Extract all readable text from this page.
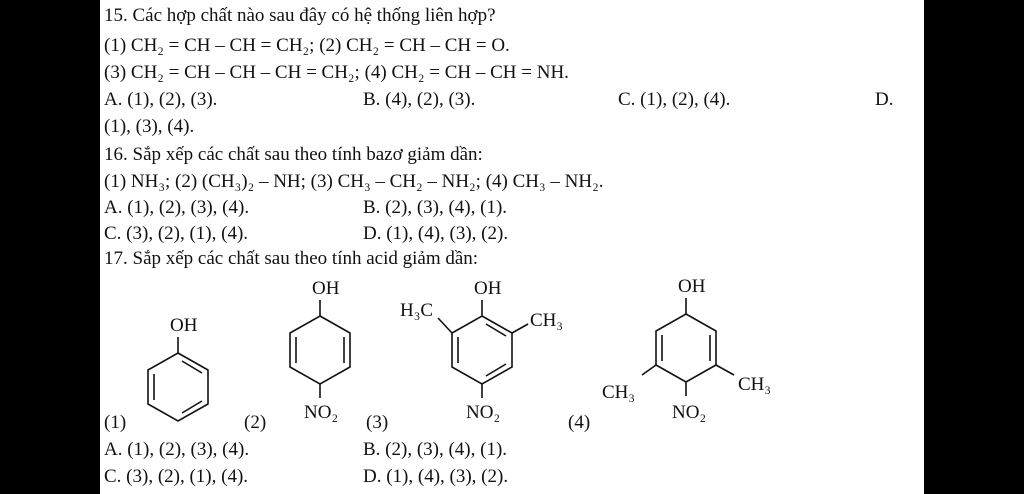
15. Các hợp chất nào sau đây có hệ thống liên hợp?
(1) CH₂ = CH – CH = CH₂; (2) CH₂ = CH – CH = O.
(3) CH₂ = CH – CH – CH = CH₂; (4) CH₂ = CH – CH = NH.
A. (1), (2), (3).	B. (4), (2), (3).	C. (1), (2), (4).	D.
(1), (3), (4).
16. Sắp xếp các chất sau theo tính bazơ giảm dần:
(1) NH₃; (2) (CH₃)₂ – NH; (3) CH₃ – CH₂ – NH₂; (4) CH₃ – NH₂.
A. (1), (2), (3), (4).	B. (2), (3), (4), (1).
C. (3), (2), (1), (4).	D. (1), (4), (3), (2).
17. Sắp xếp các chất sau theo tính acid giảm dần:
(1)	(2)	(3)	(4)
OH
OH
NO₂
OH
H₃C	CH₃
NO₂
OH
CH₃	CH₃
NO₂
A. (1), (2), (3), (4).	B. (2), (3), (4), (1).
C. (3), (2), (1), (4).	D. (1), (4), (3), (2).
